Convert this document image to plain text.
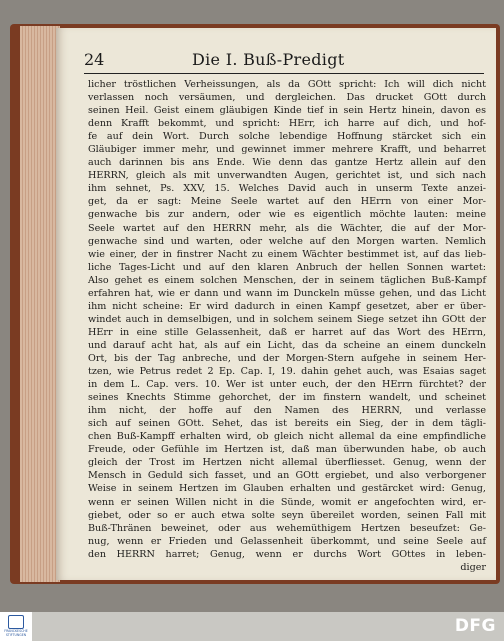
24	Die I. Buß-Predigt
licher tröstlichen Verheissungen, als da GOtt spricht: Ich will dich nicht
verlassen noch versäumen, und dergleichen. Das drucket GOtt durch
seinen Heil. Geist einem gläubigen Kinde tief in sein Hertz hinein, davon es
denn Krafft bekommt, und spricht: HErr, ich harre auf dich, und hof-
fe auf dein Wort. Durch solche lebendige Hoffnung stärcket sich ein
Gläubiger immer mehr, und gewinnet immer mehrere Krafft, und beharret
auch darinnen bis ans Ende. Wie denn das gantze Hertz allein auf den
HERRN, gleich als mit unverwandten Augen, gerichtet ist, und sich nach
ihm sehnet, Ps. XXV, 15. Welches David auch in unserm Texte anzei-
get, da er sagt: Meine Seele wartet auf den HErrn von einer Mor-
genwache bis zur andern, oder wie es eigentlich möchte lauten: meine
Seele wartet auf den HERRN mehr, als die Wächter, die auf der Mor-
genwache sind und warten, oder welche auf den Morgen warten. Nemlich
wie einer, der in finstrer Nacht zu einem Wächter bestimmet ist, auf das lieb-
liche Tages-Licht und auf den klaren Anbruch der hellen Sonnen wartet:
Also gehet es einem solchen Menschen, der in seinem täglichen Buß-Kampf
erfahren hat, wie er dann und wann im Dunckeln müsse gehen, und das Licht
ihm nicht scheine: Er wird dadurch in einen Kampf gesetzet, aber er über-
windet auch in demselbigen, und in solchem seinem Siege setzet ihn GOtt der
HErr in eine stille Gelassenheit, daß er harret auf das Wort des HErrn,
und darauf acht hat, als auf ein Licht, das da scheine an einem dunckeln
Ort, bis der Tag anbreche, und der Morgen-Stern aufgehe in seinem Her-
tzen, wie Petrus redet 2 Ep. Cap. I, 19. dahin gehet auch, was Esaias saget
in dem L. Cap. vers. 10. Wer ist unter euch, der den HErrn fürchtet? der
seines Knechts Stimme gehorchet, der im finstern wandelt, und scheinet
ihm nicht, der hoffe auf den Namen des HERRN, und verlasse
sich auf seinen GOtt. Sehet, das ist bereits ein Sieg, der in dem tägli-
chen Buß-Kampff erhalten wird, ob gleich nicht allemal da eine empfindliche
Freude, oder Gefühle im Hertzen ist, daß man überwunden habe, ob auch
gleich der Trost im Hertzen nicht allemal überfliesset. Genug, wenn der
Mensch in Geduld sich fasset, und an GOtt ergiebet, und also verborgener
Weise in seinem Hertzen im Glauben erhalten und gestärcket wird: Genug,
wenn er seinen Willen nicht in die Sünde, womit er angefochten wird, er-
giebet, oder so er auch etwa solte seyn übereilet worden, seinen Fall mit
Buß-Thränen beweinet, oder aus wehemüthigem Hertzen beseufzet: Ge-
nug, wenn er Frieden und Gelassenheit überkommt, und seine Seele auf
den HERRN harret; Genug, wenn er durchs Wort GOttes in leben-
diger
FRANCKESCHE STIFTUNGEN	DFG
